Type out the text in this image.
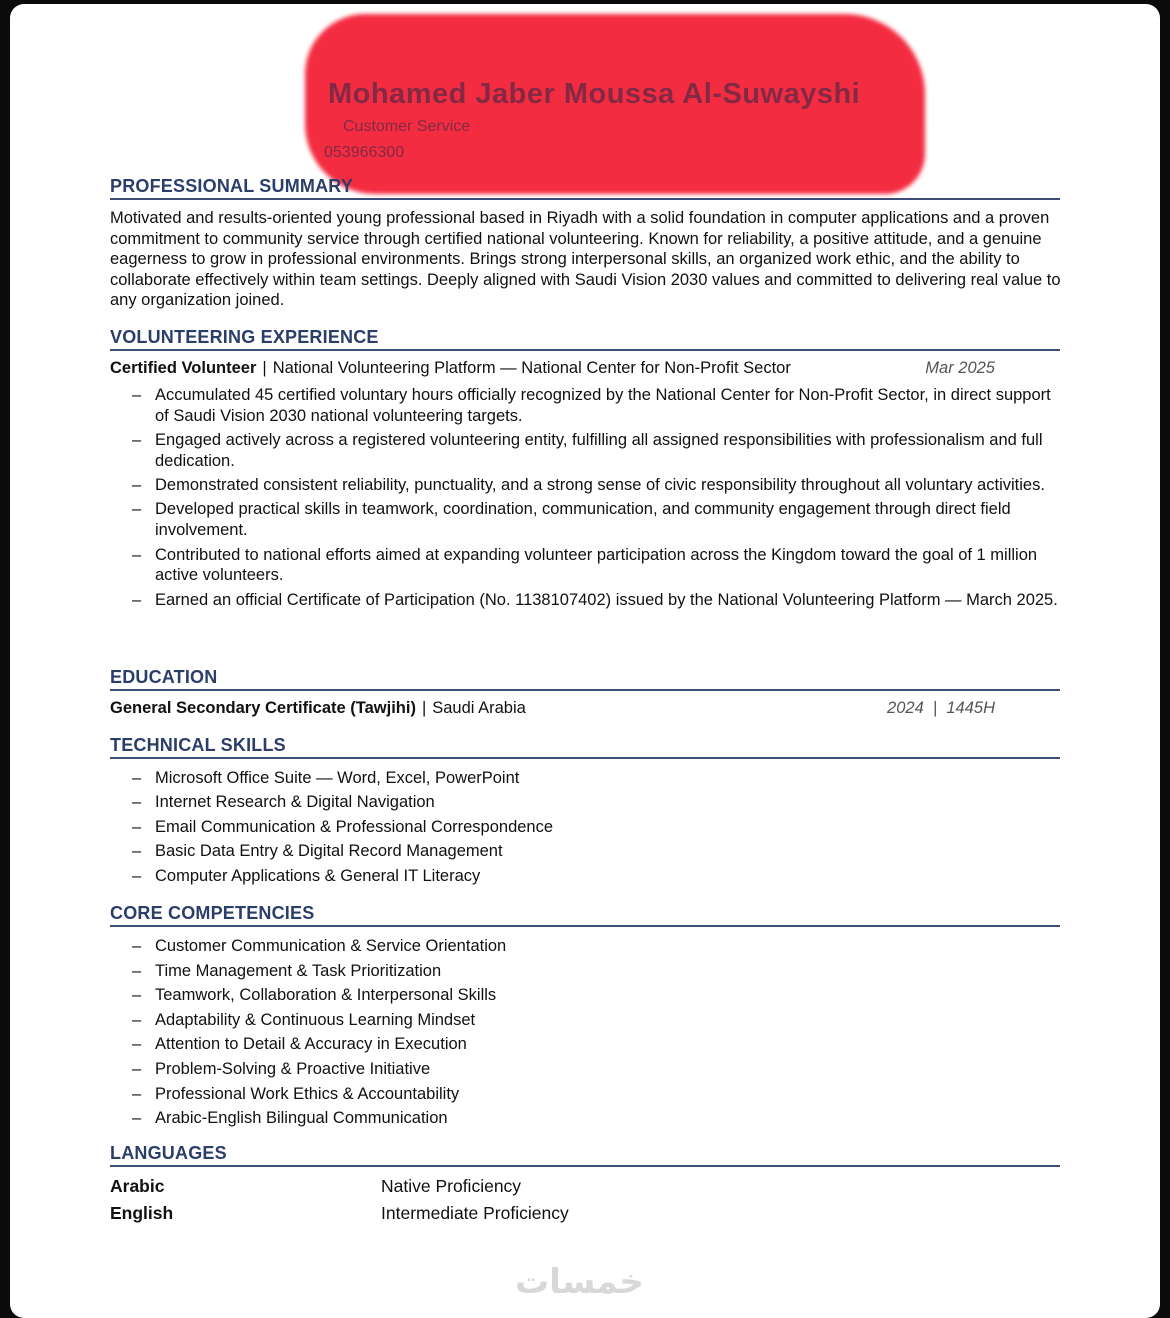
Mohamed Jaber Moussa Al-Suwayshi
Customer Service
053966300
PROFESSIONAL SUMMARY
Motivated and results-oriented young professional based in Riyadh with a solid foundation in computer applications and a proven commitment to community service through certified national volunteering. Known for reliability, a positive attitude, and a genuine eagerness to grow in professional environments. Brings strong interpersonal skills, an organized work ethic, and the ability to collaborate effectively within team settings. Deeply aligned with Saudi Vision 2030 values and committed to delivering real value to any organization joined.
VOLUNTEERING EXPERIENCE
Certified Volunteer | National Volunteering Platform — National Center for Non-Profit Sector	Mar 2025
– Accumulated 45 certified voluntary hours officially recognized by the National Center for Non-Profit Sector, in direct support of Saudi Vision 2030 national volunteering targets.
– Engaged actively across a registered volunteering entity, fulfilling all assigned responsibilities with professionalism and full dedication.
– Demonstrated consistent reliability, punctuality, and a strong sense of civic responsibility throughout all voluntary activities.
– Developed practical skills in teamwork, coordination, communication, and community engagement through direct field involvement.
– Contributed to national efforts aimed at expanding volunteer participation across the Kingdom toward the goal of 1 million active volunteers.
– Earned an official Certificate of Participation (No. 1138107402) issued by the National Volunteering Platform — March 2025.
EDUCATION
General Secondary Certificate (Tawjihi) | Saudi Arabia	2024  |  1445H
TECHNICAL SKILLS
– Microsoft Office Suite — Word, Excel, PowerPoint
– Internet Research & Digital Navigation
– Email Communication & Professional Correspondence
– Basic Data Entry & Digital Record Management
– Computer Applications & General IT Literacy
CORE COMPETENCIES
– Customer Communication & Service Orientation
– Time Management & Task Prioritization
– Teamwork, Collaboration & Interpersonal Skills
– Adaptability & Continuous Learning Mindset
– Attention to Detail & Accuracy in Execution
– Problem-Solving & Proactive Initiative
– Professional Work Ethics & Accountability
– Arabic-English Bilingual Communication
LANGUAGES
Arabic	Native Proficiency
English	Intermediate Proficiency
خمسات
